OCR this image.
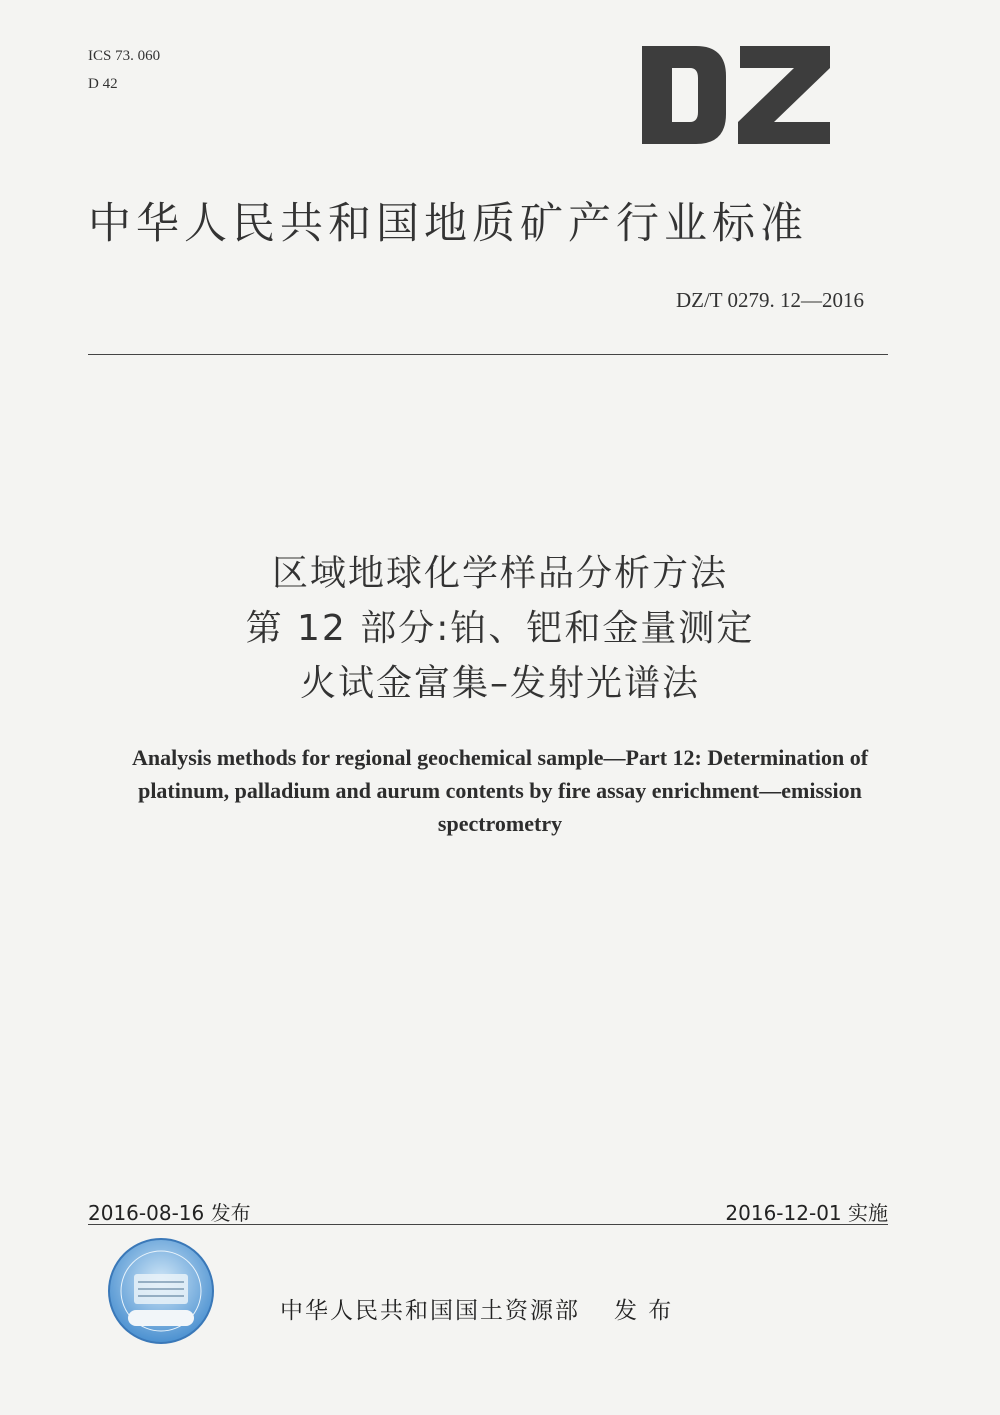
ICS 73. 060
D 42
中华人民共和国地质矿产行业标准
DZ/T 0279. 12—2016
区域地球化学样品分析方法
第 12 部分:铂、钯和金量测定
火试金富集–发射光谱法
Analysis methods for regional geochemical sample—Part 12: Determination of
platinum, palladium and aurum contents by fire assay enrichment—emission
spectrometry
2016-08-16 发布	2016-12-01 实施
中华人民共和国国土资源部 发 布
